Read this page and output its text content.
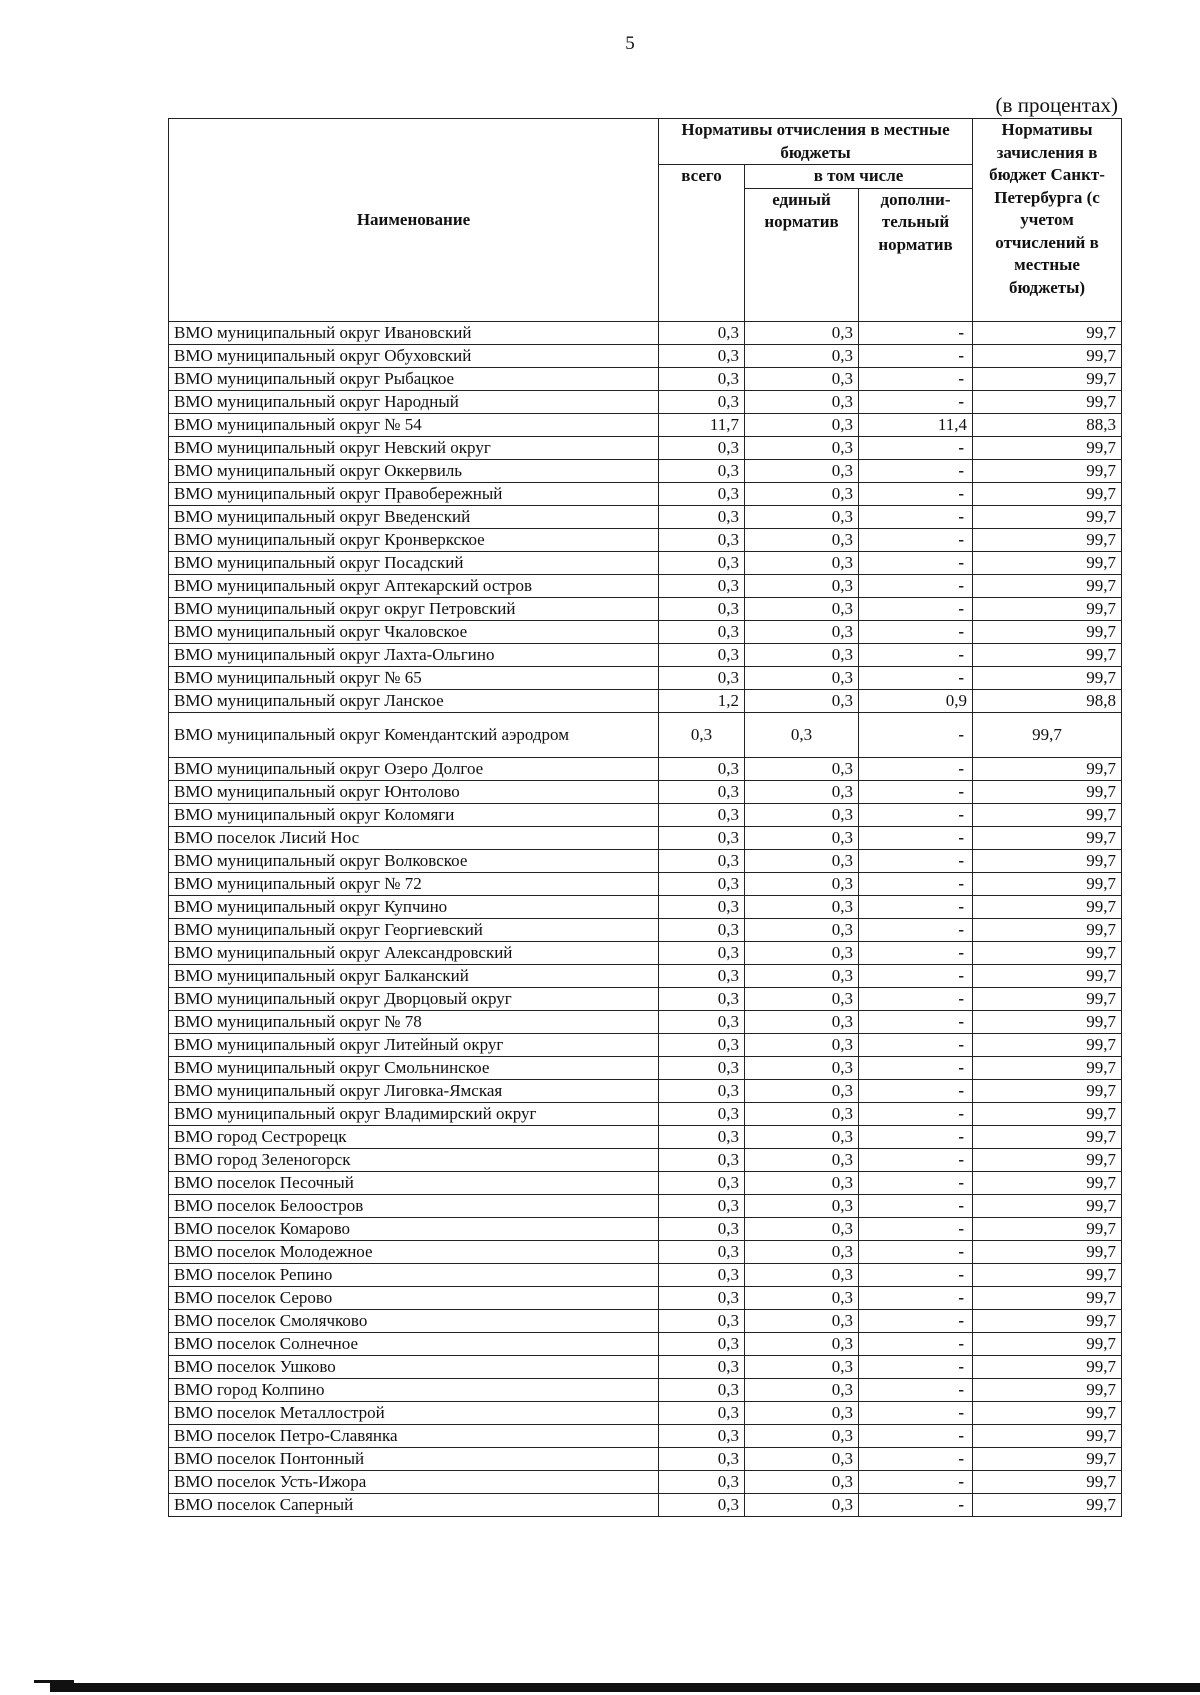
5
(в процентах)
Наименование	Нормативы отчисления в местные бюджеты			Нормативы зачисления в бюджет Санкт-Петербурга (с учетом отчислений в местные бюджеты)
	всего	в том числе		
		единый норматив	дополни-тельный норматив	
ВМО муниципальный округ Ивановский	0,3	0,3	-	99,7
ВМО муниципальный округ Обуховский	0,3	0,3	-	99,7
ВМО муниципальный округ Рыбацкое	0,3	0,3	-	99,7
ВМО муниципальный округ Народный	0,3	0,3	-	99,7
ВМО муниципальный округ № 54	11,7	0,3	11,4	88,3
ВМО муниципальный округ Невский округ	0,3	0,3	-	99,7
ВМО муниципальный округ Оккервиль	0,3	0,3	-	99,7
ВМО муниципальный округ Правобережный	0,3	0,3	-	99,7
ВМО муниципальный округ Введенский	0,3	0,3	-	99,7
ВМО муниципальный округ Кронверкское	0,3	0,3	-	99,7
ВМО муниципальный округ Посадский	0,3	0,3	-	99,7
ВМО муниципальный округ Аптекарский остров	0,3	0,3	-	99,7
ВМО муниципальный округ округ Петровский	0,3	0,3	-	99,7
ВМО муниципальный округ Чкаловское	0,3	0,3	-	99,7
ВМО муниципальный округ Лахта-Ольгино	0,3	0,3	-	99,7
ВМО муниципальный округ № 65	0,3	0,3	-	99,7
ВМО муниципальный округ Ланское	1,2	0,3	0,9	98,8
ВМО муниципальный округ Комендантский аэродром	0,3	0,3	-	99,7
ВМО муниципальный округ Озеро Долгое	0,3	0,3	-	99,7
ВМО муниципальный округ Юнтолово	0,3	0,3	-	99,7
ВМО муниципальный округ Коломяги	0,3	0,3	-	99,7
ВМО поселок Лисий Нос	0,3	0,3	-	99,7
ВМО муниципальный округ Волковское	0,3	0,3	-	99,7
ВМО муниципальный округ № 72	0,3	0,3	-	99,7
ВМО муниципальный округ Купчино	0,3	0,3	-	99,7
ВМО муниципальный округ Георгиевский	0,3	0,3	-	99,7
ВМО муниципальный округ Александровский	0,3	0,3	-	99,7
ВМО муниципальный округ Балканский	0,3	0,3	-	99,7
ВМО муниципальный округ Дворцовый округ	0,3	0,3	-	99,7
ВМО муниципальный округ № 78	0,3	0,3	-	99,7
ВМО муниципальный округ Литейный округ	0,3	0,3	-	99,7
ВМО муниципальный округ Смольнинское	0,3	0,3	-	99,7
ВМО муниципальный округ Лиговка-Ямская	0,3	0,3	-	99,7
ВМО муниципальный округ Владимирский округ	0,3	0,3	-	99,7
ВМО город Сестрорецк	0,3	0,3	-	99,7
ВМО город Зеленогорск	0,3	0,3	-	99,7
ВМО поселок Песочный	0,3	0,3	-	99,7
ВМО поселок Белоостров	0,3	0,3	-	99,7
ВМО поселок Комарово	0,3	0,3	-	99,7
ВМО поселок Молодежное	0,3	0,3	-	99,7
ВМО поселок Репино	0,3	0,3	-	99,7
ВМО поселок Серово	0,3	0,3	-	99,7
ВМО поселок Смолячково	0,3	0,3	-	99,7
ВМО поселок Солнечное	0,3	0,3	-	99,7
ВМО поселок Ушково	0,3	0,3	-	99,7
ВМО город Колпино	0,3	0,3	-	99,7
ВМО поселок Металлострой	0,3	0,3	-	99,7
ВМО поселок Петро-Славянка	0,3	0,3	-	99,7
ВМО поселок Понтонный	0,3	0,3	-	99,7
ВМО поселок Усть-Ижора	0,3	0,3	-	99,7
ВМО поселок Саперный	0,3	0,3	-	99,7
